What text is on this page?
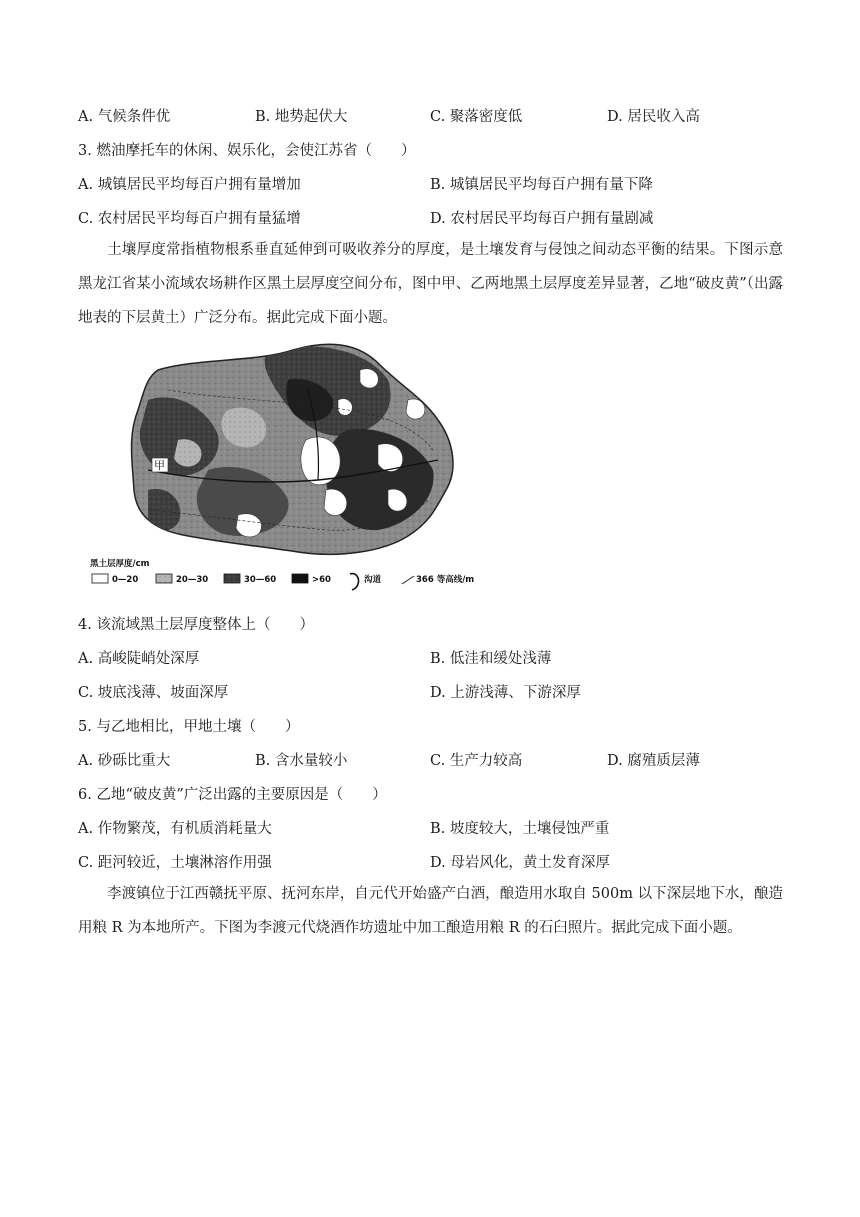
A. 气候条件优	B. 地势起伏大	C. 聚落密度低	D. 居民收入高
3. 燃油摩托车的休闲、娱乐化，会使江苏省（　　）
A. 城镇居民平均每百户拥有量增加	B. 城镇居民平均每百户拥有量下降
C. 农村居民平均每百户拥有量猛增	D. 农村居民平均每百户拥有量剧减
土壤厚度常指植物根系垂直延伸到可吸收养分的厚度，是土壤发育与侵蚀之间动态平衡的结果。下图示意黑龙江省某小流域农场耕作区黑土层厚度空间分布，图中甲、乙两地黑土层厚度差异显著，乙地“破皮黄”（出露地表的下层黄土）广泛分布。据此完成下面小题。
甲
黑土层厚度/cm
0—20	20—30	30—60	>60	沟道	366 等高线/m
4. 该流域黑土层厚度整体上（　　）
A. 高峻陡峭处深厚	B. 低洼和缓处浅薄
C. 坡底浅薄、坡面深厚	D. 上游浅薄、下游深厚
5. 与乙地相比，甲地土壤（　　）
A. 砂砾比重大	B. 含水量较小	C. 生产力较高	D. 腐殖质层薄
6. 乙地“破皮黄”广泛出露的主要原因是（　　）
A. 作物繁茂，有机质消耗量大	B. 坡度较大，土壤侵蚀严重
C. 距河较近，土壤淋溶作用强	D. 母岩风化，黄土发育深厚
李渡镇位于江西赣抚平原、抚河东岸，自元代开始盛产白酒，酿造用水取自 500m 以下深层地下水，酿造用粮 R 为本地所产。下图为李渡元代烧酒作坊遗址中加工酿造用粮 R 的石臼照片。据此完成下面小题。
